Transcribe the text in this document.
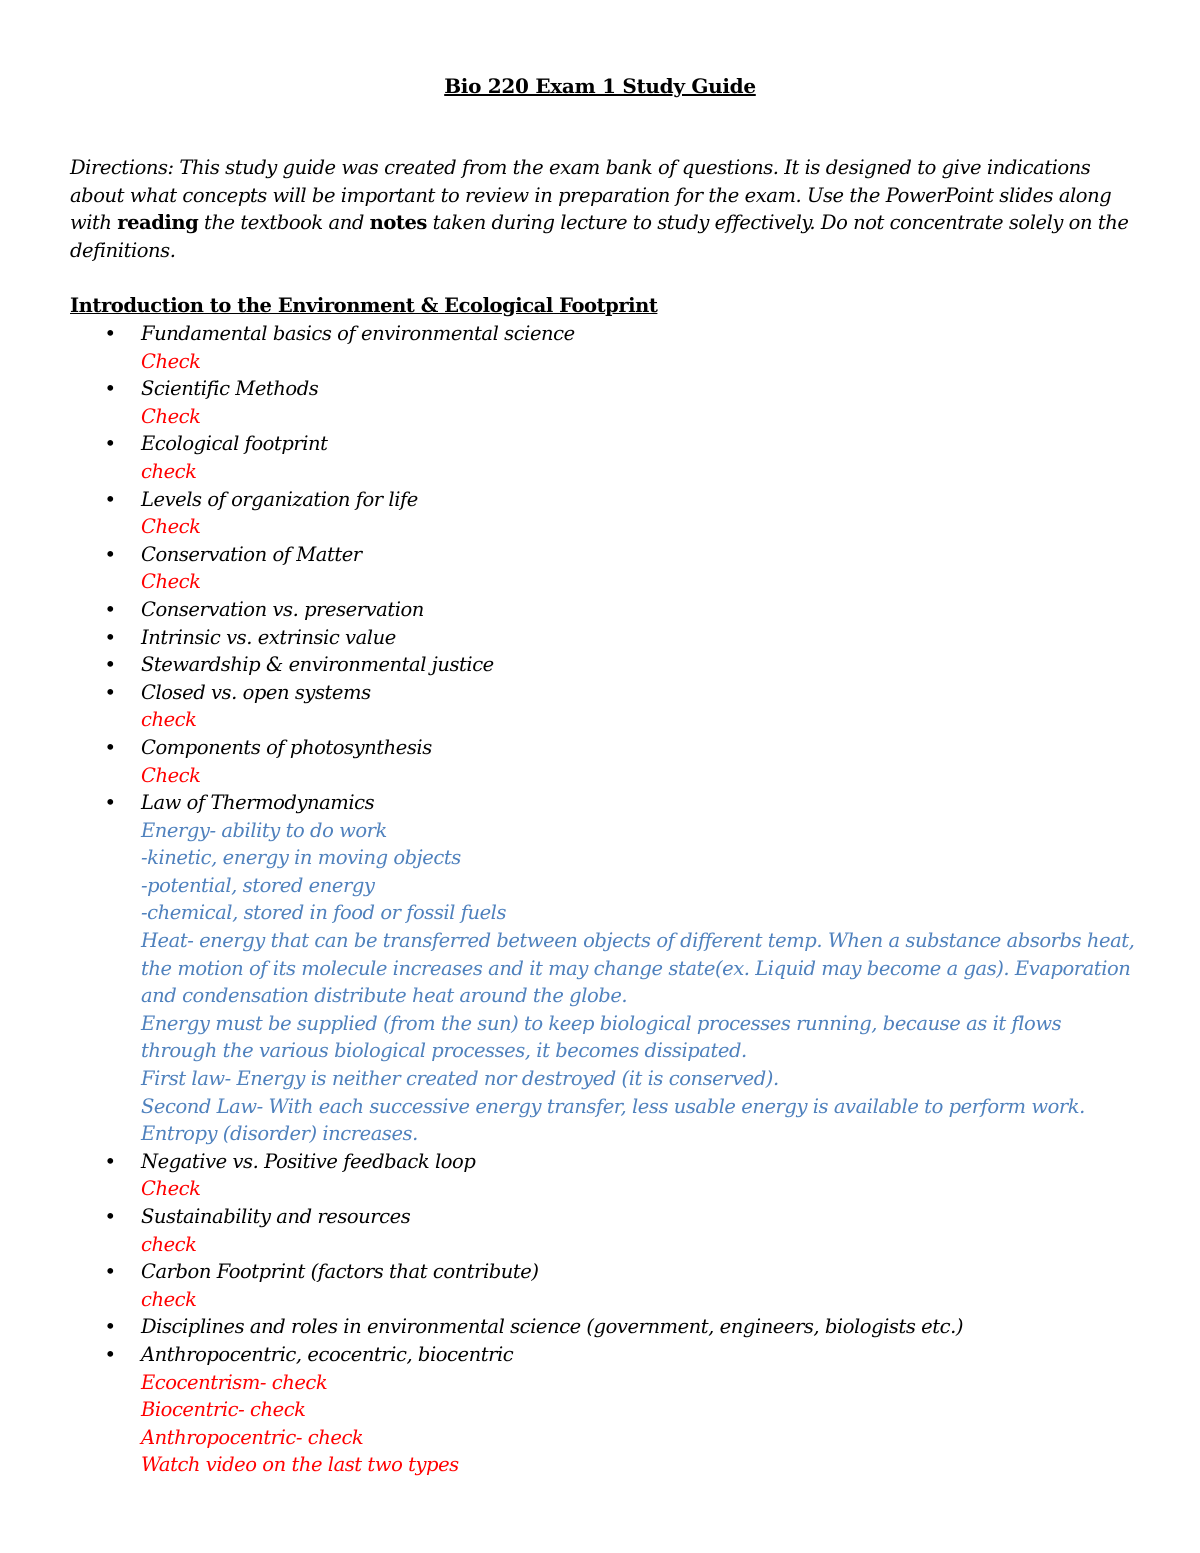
Bio 220 Exam 1 Study Guide
Directions: This study guide was created from the exam bank of questions. It is designed to give indications about what concepts will be important to review in preparation for the exam. Use the PowerPoint slides along with reading the textbook and notes taken during lecture to study effectively. Do not concentrate solely on the definitions.
Introduction to the Environment & Ecological Footprint
• Fundamental basics of environmental science
Check
• Scientific Methods
Check
• Ecological footprint
check
• Levels of organization for life
Check
• Conservation of Matter
Check
• Conservation vs. preservation
• Intrinsic vs. extrinsic value
• Stewardship & environmental justice
• Closed vs. open systems
check
• Components of photosynthesis
Check
• Law of Thermodynamics
Energy- ability to do work
-kinetic, energy in moving objects
-potential, stored energy
-chemical, stored in food or fossil fuels
Heat- energy that can be transferred between objects of different temp. When a substance absorbs heat, the motion of its molecule increases and it may change state(ex. Liquid may become a gas). Evaporation and condensation distribute heat around the globe.
Energy must be supplied (from the sun) to keep biological processes running, because as it flows through the various biological processes, it becomes dissipated.
First law- Energy is neither created nor destroyed (it is conserved).
Second Law- With each successive energy transfer, less usable energy is available to perform work. Entropy (disorder) increases.
• Negative vs. Positive feedback loop
Check
• Sustainability and resources
check
• Carbon Footprint (factors that contribute)
check
• Disciplines and roles in environmental science (government, engineers, biologists etc.)
• Anthropocentric, ecocentric, biocentric
Ecocentrism- check
Biocentric- check
Anthropocentric- check
Watch video on the last two types
